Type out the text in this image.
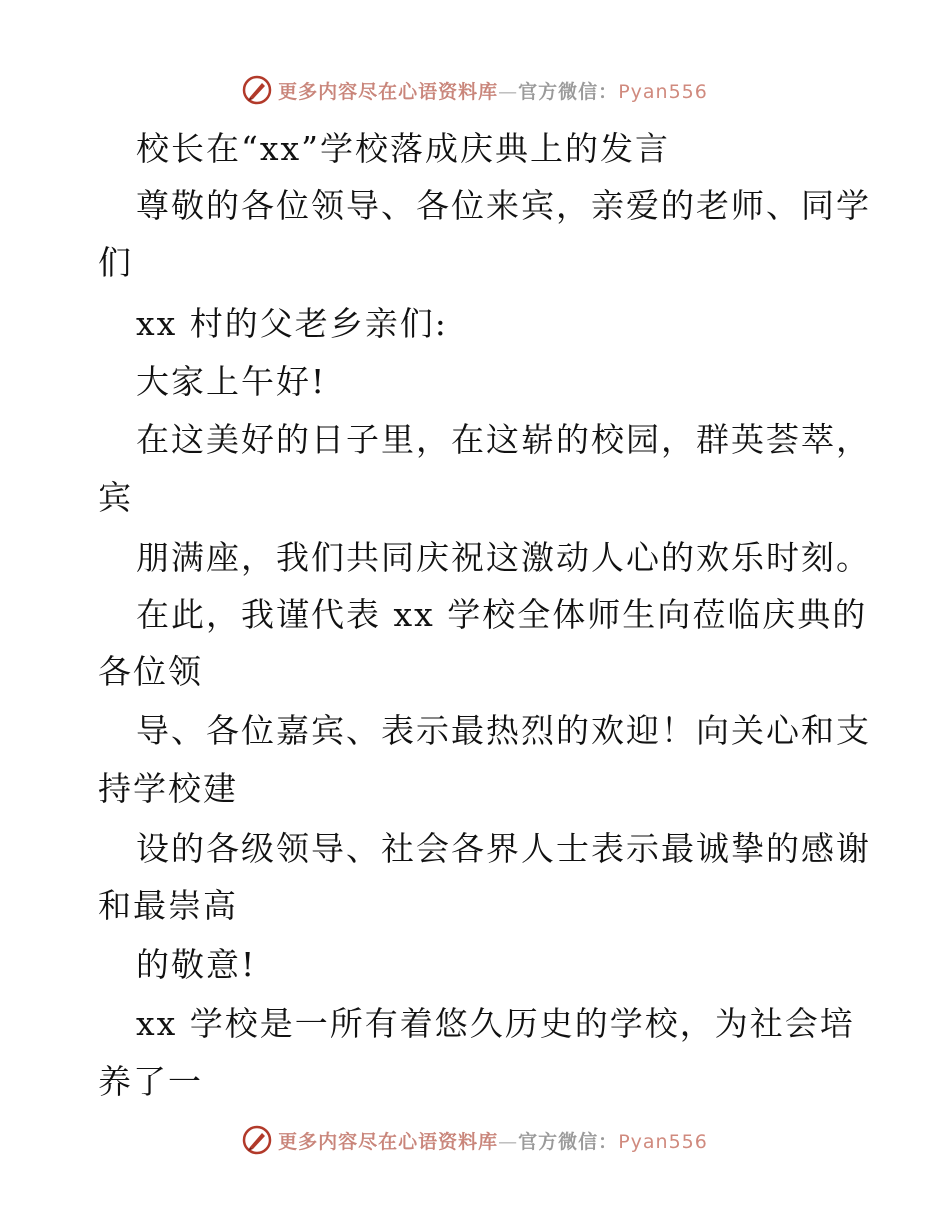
更多内容尽在心语资料库—官方微信：Pyan556
校长在“xx”学校落成庆典上的发言
尊敬的各位领导、各位来宾，亲爱的老师、同学
们
xx 村的父老乡亲们:
大家上午好!
在这美好的日子里，在这崭的校园，群英荟萃，
宾
朋满座，我们共同庆祝这激动人心的欢乐时刻。
在此，我谨代表 xx 学校全体师生向莅临庆典的
各位领
导、各位嘉宾、表示最热烈的欢迎！向关心和支
持学校建
设的各级领导、社会各界人士表示最诚挚的感谢
和最崇高
的敬意!
xx 学校是一所有着悠久历史的学校，为社会培
养了一
更多内容尽在心语资料库—官方微信：Pyan556
